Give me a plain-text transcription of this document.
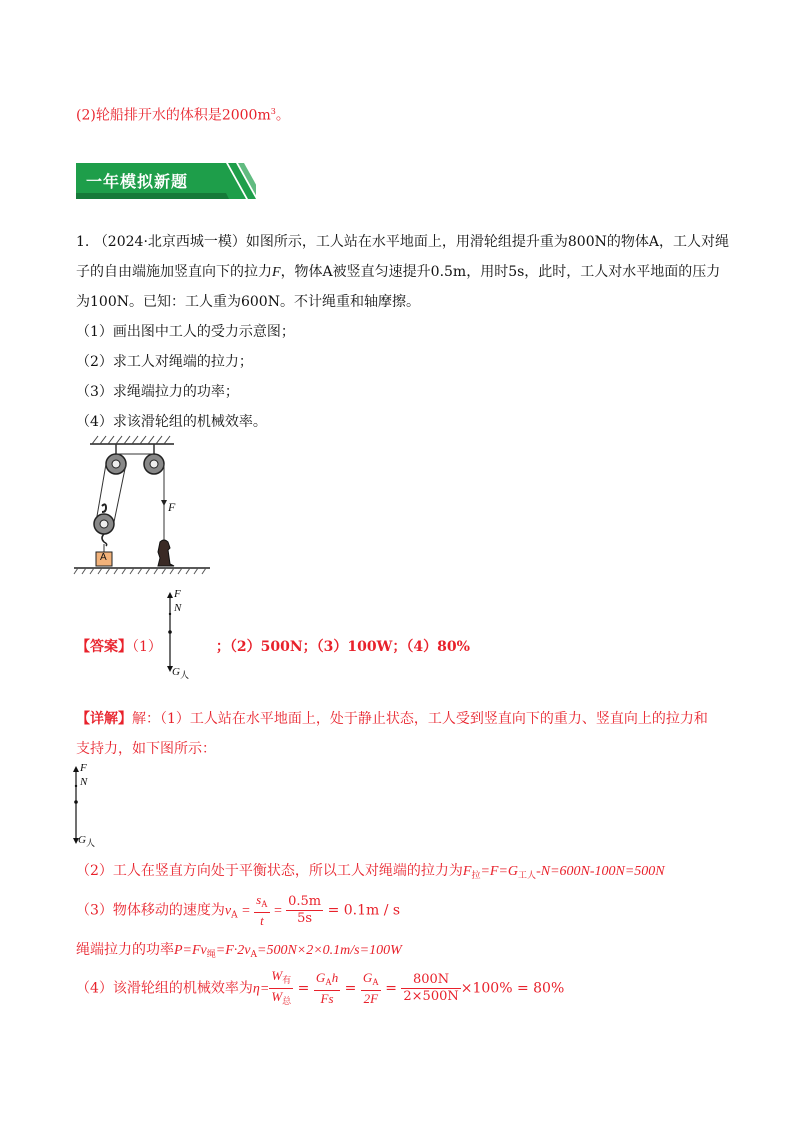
(2)轮船排开水的体积是$2000m^3$。
一年模拟新题
1. （2024·北京西城一模）如图所示，工人站在水平地面上，用滑轮组提升重为800N的物体A，工人对绳
子的自由端施加竖直向下的拉力F，物体A被竖直匀速提升0.5m，用时5s，此时，工人对水平地面的压力
为100N。已知：工人重为600N。不计绳重和轴摩擦。
（1）画出图中工人的受力示意图；
（2）求工人对绳端的拉力；
（3）求绳端拉力的功率；
（4）求该滑轮组的机械效率。
F
A
【答案】（1）	；（2）500N；（3）100W；（4）80%
F
N
$G_人$
【详解】解：（1）工人站在水平地面上，处于静止状态，工人受到竖直向下的重力、竖直向上的拉力和
支持力，如下图所示：
F
N
$G_人$
（2）工人在竖直方向处于平衡状态，所以工人对绳端的拉力为$F_拉=F=G_{工人}-N=600N-100N=500N$
（3）物体移动的速度为$v_A = \frac{s_A}{t} = \frac{0.5m}{5s} = 0.1m / s$
绳端拉力的功率$P=Fv_绳=F\cdot 2v_A=500N\times 2\times 0.1m/s=100W$
（4）该滑轮组的机械效率为$\eta= \frac{W_有}{W_总} = \frac{G_Ah}{Fs} = \frac{G_A}{2F} = \frac{800N}{2\times 500N} \times 100\% = 80\%$
